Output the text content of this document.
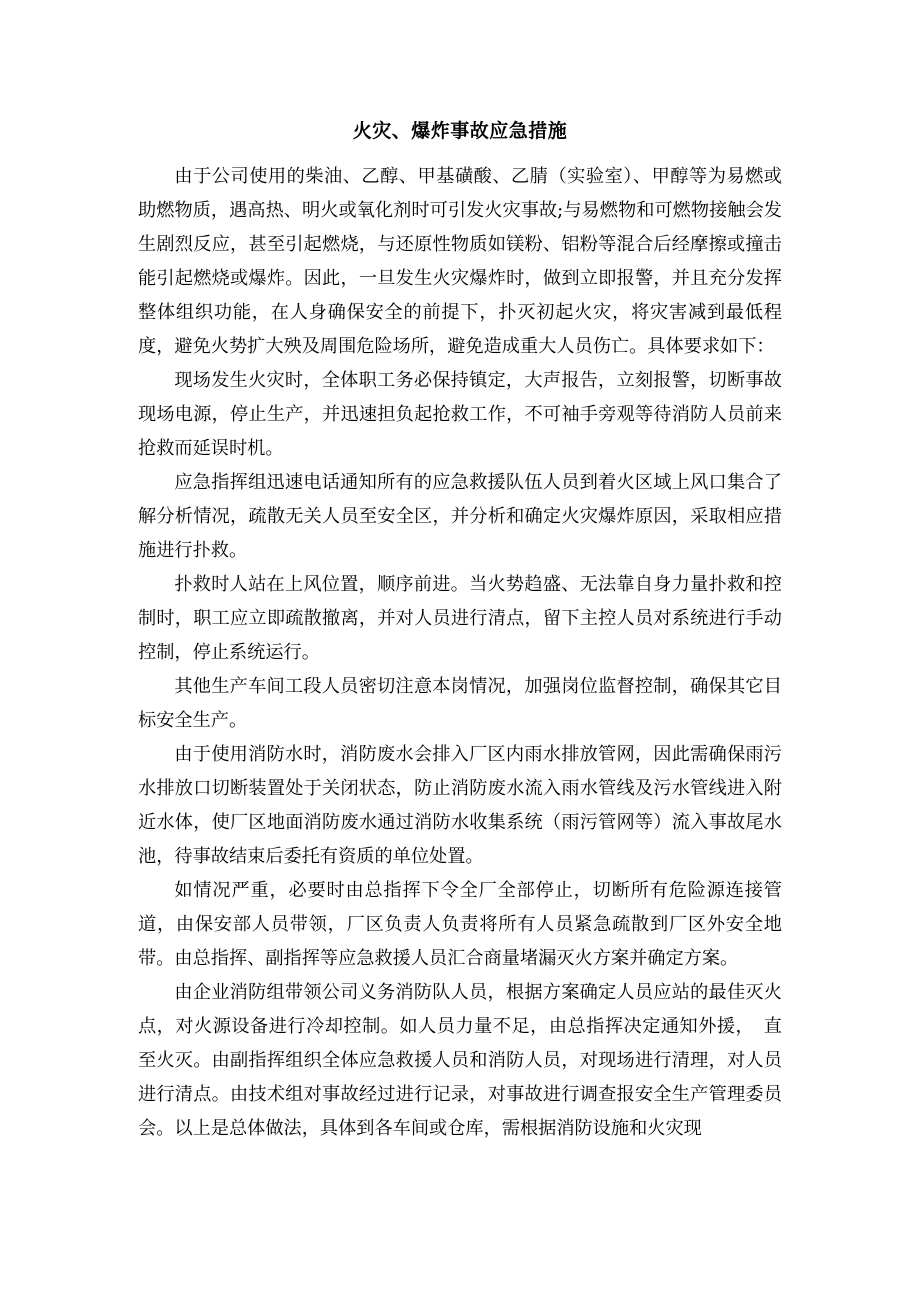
火灾、爆炸事故应急措施

由于公司使用的柴油、乙醇、甲基磺酸、乙腈（实验室）、甲醇等为易燃或助燃物质，遇高热、明火或氧化剂时可引发火灾事故;与易燃物和可燃物接触会发生剧烈反应，甚至引起燃烧，与还原性物质如镁粉、铝粉等混合后经摩擦或撞击能引起燃烧或爆炸。因此，一旦发生火灾爆炸时，做到立即报警，并且充分发挥整体组织功能，在人身确保安全的前提下，扑灭初起火灾，将灾害减到最低程度，避免火势扩大殃及周围危险场所，避免造成重大人员伤亡。具体要求如下：

现场发生火灾时，全体职工务必保持镇定，大声报告，立刻报警，切断事故现场电源，停止生产，并迅速担负起抢救工作，不可袖手旁观等待消防人员前来抢救而延误时机。

应急指挥组迅速电话通知所有的应急救援队伍人员到着火区域上风口集合了解分析情况，疏散无关人员至安全区，并分析和确定火灾爆炸原因，采取相应措施进行扑救。

扑救时人站在上风位置，顺序前进。当火势趋盛、无法靠自身力量扑救和控制时，职工应立即疏散撤离，并对人员进行清点，留下主控人员对系统进行手动控制，停止系统运行。

其他生产车间工段人员密切注意本岗情况，加强岗位监督控制，确保其它目标安全生产。

由于使用消防水时，消防废水会排入厂区内雨水排放管网，因此需确保雨污水排放口切断装置处于关闭状态，防止消防废水流入雨水管线及污水管线进入附近水体，使厂区地面消防废水通过消防水收集系统（雨污管网等）流入事故尾水池，待事故结束后委托有资质的单位处置。

如情况严重，必要时由总指挥下令全厂全部停止，切断所有危险源连接管道，由保安部人员带领，厂区负责人负责将所有人员紧急疏散到厂区外安全地带。由总指挥、副指挥等应急救援人员汇合商量堵漏灭火方案并确定方案。

由企业消防组带领公司义务消防队人员，根据方案确定人员应站的最佳灭火点，对火源设备进行冷却控制。如人员力量不足，由总指挥决定通知外援，　直至火灭。由副指挥组织全体应急救援人员和消防人员，对现场进行清理，对人员进行清点。由技术组对事故经过进行记录，对事故进行调查报安全生产管理委员会。以上是总体做法，具体到各车间或仓库，需根据消防设施和火灾现
